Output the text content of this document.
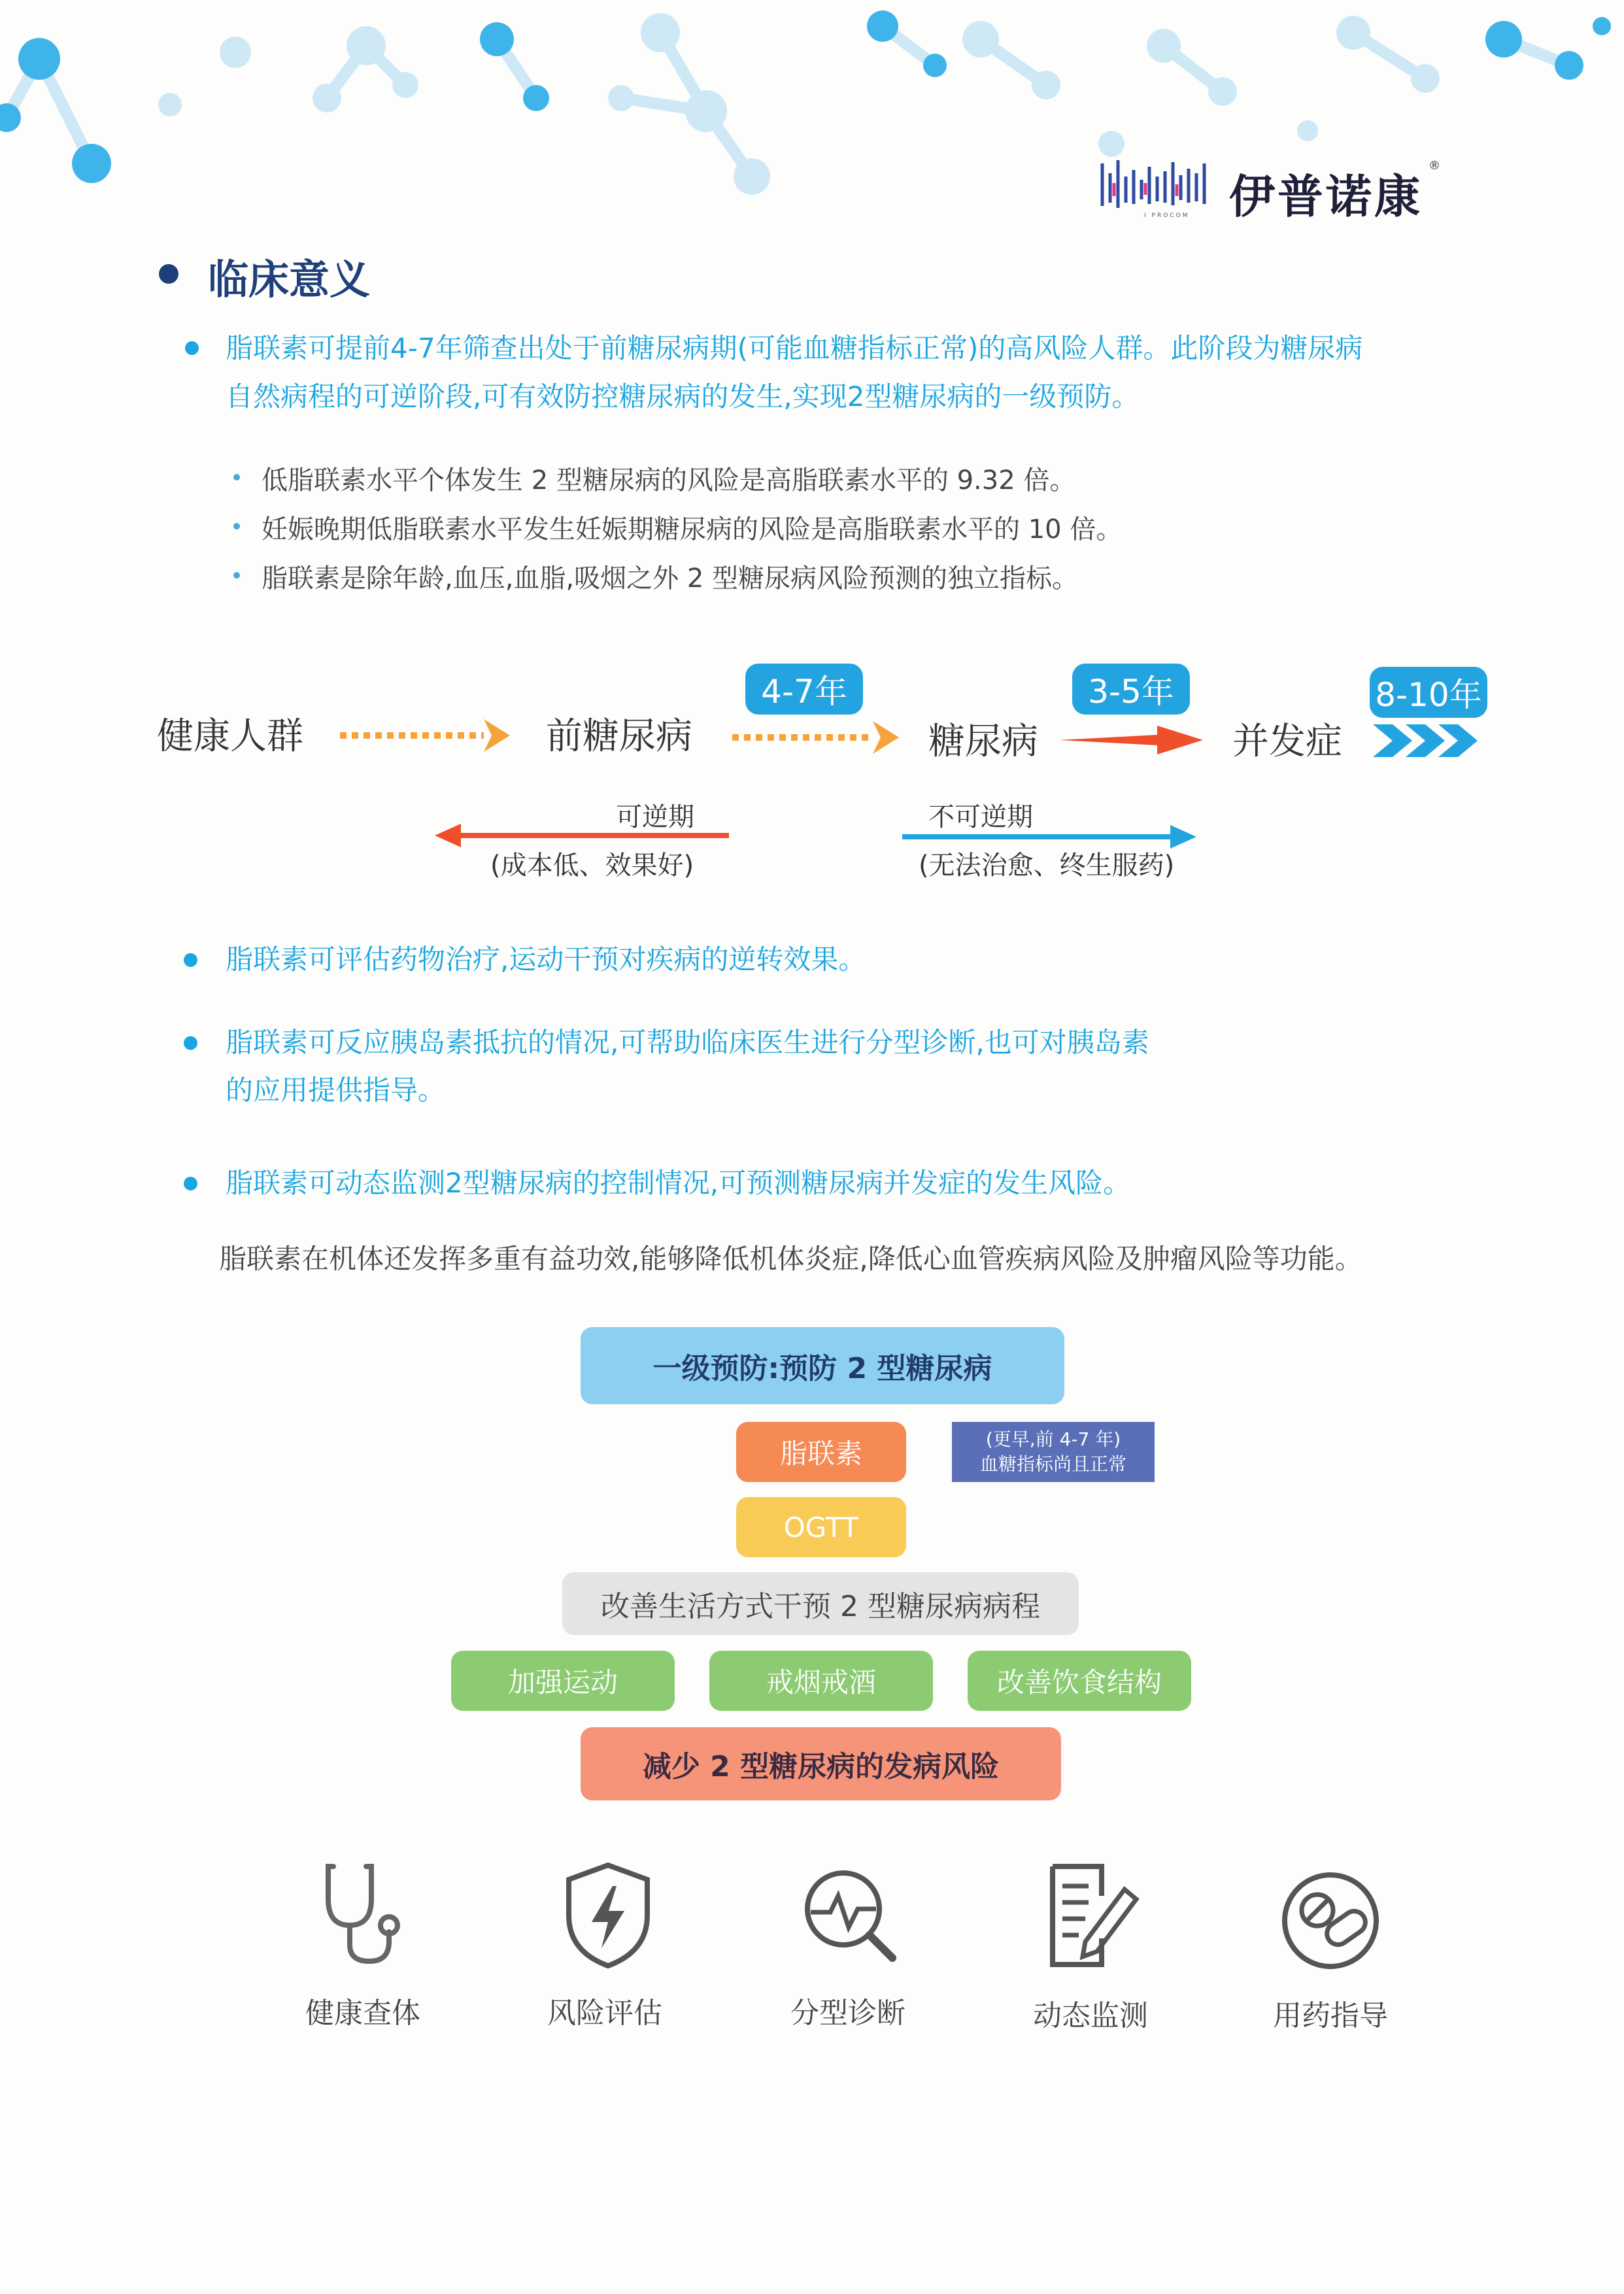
I PROCOM 伊普诺康
®
临床意义
脂联素可提前4-7年筛查出处于前糖尿病期(可能血糖指标正常)的高风险人群。此阶段为糖尿病
自然病程的可逆阶段,可有效防控糖尿病的发生,实现2型糖尿病的一级预防。
低脂联素水平个体发生 2 型糖尿病的风险是高脂联素水平的 9.32 倍。
妊娠晚期低脂联素水平发生妊娠期糖尿病的风险是高脂联素水平的 10 倍。
脂联素是除年龄,血压,血脂,吸烟之外 2 型糖尿病风险预测的独立指标。
健康人群	前糖尿病	糖尿病	并发症
4-7年	3-5年	8-10年
可逆期
(成本低、效果好)
不可逆期
(无法治愈、终生服药)
脂联素可评估药物治疗,运动干预对疾病的逆转效果。
脂联素可反应胰岛素抵抗的情况,可帮助临床医生进行分型诊断,也可对胰岛素
的应用提供指导。
脂联素可动态监测2型糖尿病的控制情况,可预测糖尿病并发症的发生风险。
脂联素在机体还发挥多重有益功效,能够降低机体炎症,降低心血管疾病风险及肿瘤风险等功能。
一级预防:预防 2 型糖尿病
脂联素	(更早,前 4-7 年)
血糖指标尚且正常
OGTT
改善生活方式干预 2 型糖尿病病程
加强运动	戒烟戒酒	改善饮食结构
减少 2 型糖尿病的发病风险
健康查体	风险评估	分型诊断	动态监测	用药指导
